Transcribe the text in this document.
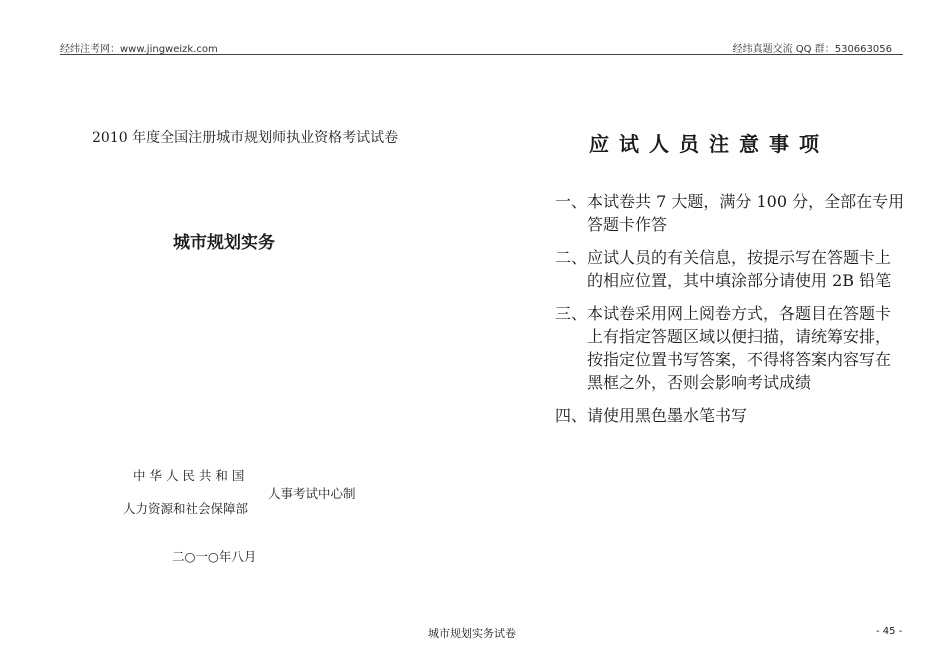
经纬注考网：www.jingweizk.com	经纬真题交流 QQ 群：530663056
2010 年度全国注册城市规划师执业资格考试试卷
城市规划实务
中 华 人 民 共 和 国
人力资源和社会保障部
人事考试中心制
二○一○年八月
应试人员注意事项
一、 本试卷共 7 大题，满分 100 分，全部在专用答题卡作答
二、 应试人员的有关信息，按提示写在答题卡上的相应位置，其中填涂部分请使用 2B 铅笔
三、 本试卷采用网上阅卷方式，各题目在答题卡上有指定答题区域以便扫描，请统筹安排，按指定位置书写答案，不得将答案内容写在黑框之外，否则会影响考试成绩
四、 请使用黑色墨水笔书写
城市规划实务试卷	- 45 -
